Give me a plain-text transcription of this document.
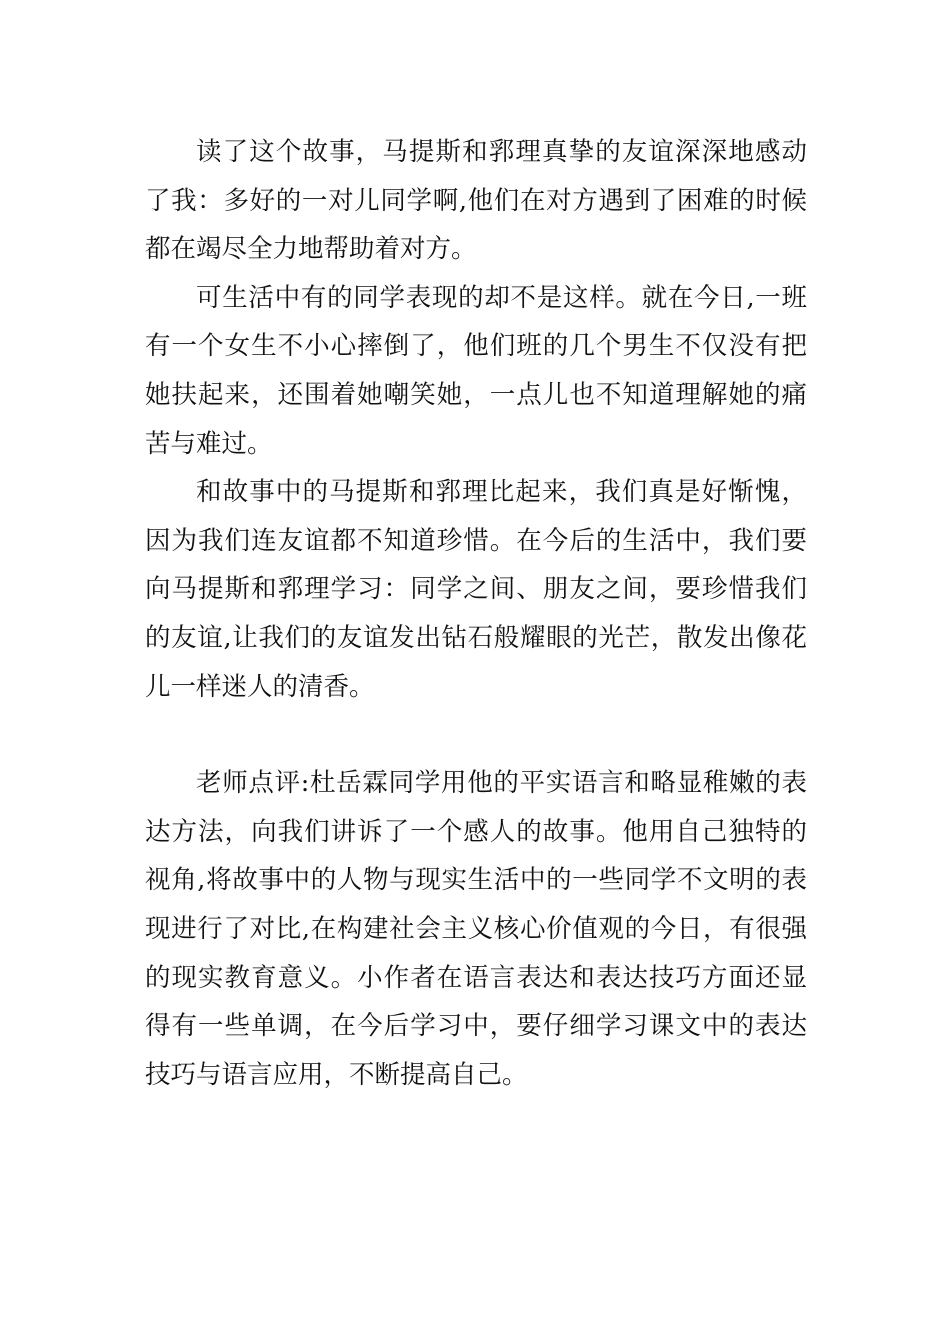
读了这个故事，马提斯和郛理真挚的友谊深深地感动了我：多好的一对儿同学啊,他们在对方遇到了困难的时候都在竭尽全力地帮助着对方。

可生活中有的同学表现的却不是这样。就在今日,一班有一个女生不小心摔倒了，他们班的几个男生不仅没有把她扶起来，还围着她嘲笑她，一点儿也不知道理解她的痛苦与难过。

和故事中的马提斯和郛理比起来，我们真是好惭愧，因为我们连友谊都不知道珍惜。在今后的生活中，我们要向马提斯和郛理学习：同学之间、朋友之间，要珍惜我们的友谊,让我们的友谊发出钻石般耀眼的光芒，散发出像花儿一样迷人的清香。

老师点评:杜岳霖同学用他的平实语言和略显稚嫩的表达方法，向我们讲诉了一个感人的故事。他用自己独特的视角,将故事中的人物与现实生活中的一些同学不文明的表现进行了对比,在构建社会主义核心价值观的今日，有很强的现实教育意义。小作者在语言表达和表达技巧方面还显得有一些单调，在今后学习中，要仔细学习课文中的表达技巧与语言应用，不断提高自己。
